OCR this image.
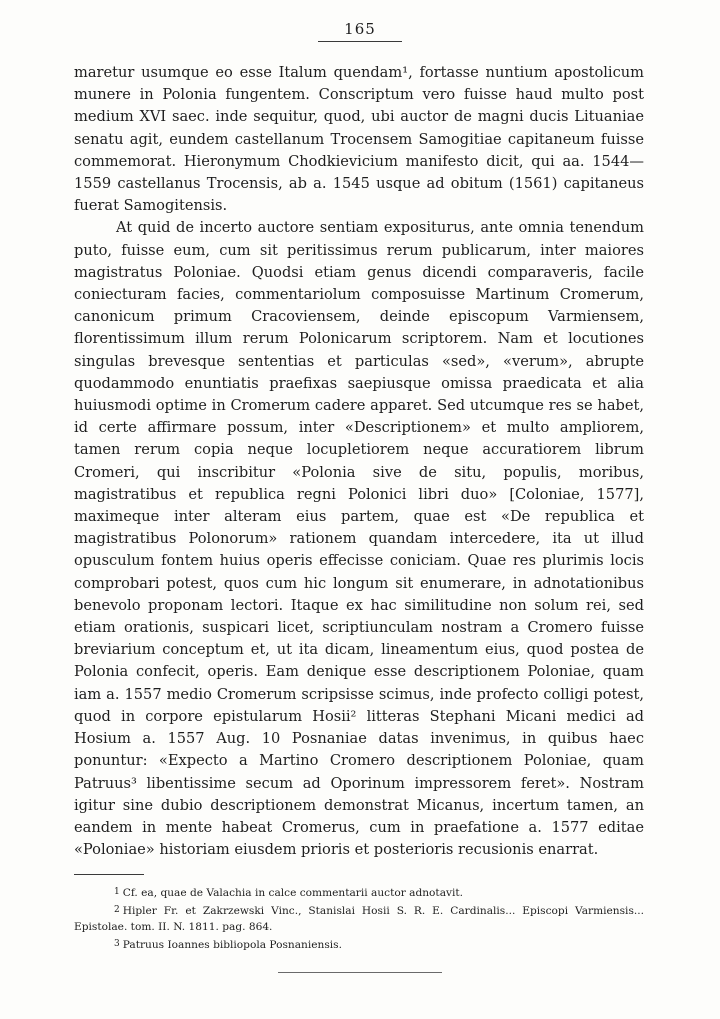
165

maretur usumque eo esse Italum quendam¹, fortasse nuntium apostolicum munere in Polonia fungentem. Conscriptum vero fuisse haud multo post medium XVI saec. inde sequitur, quod, ubi auctor de magni ducis Lituaniae senatu agit, eundem castellanum Trocensem Samogitiae capitaneum fuisse commemorat. Hieronymum Chodkievicium manifesto dicit, qui aa. 1544—1559 castellanus Trocensis, ab a. 1545 usque ad obitum (1561) capitaneus fuerat Samogitensis.

At quid de incerto auctore sentiam expositurus, ante omnia tenendum puto, fuisse eum, cum sit peritissimus rerum publicarum, inter maiores magistratus Poloniae. Quodsi etiam genus dicendi comparaveris, facile coniecturam facies, commentariolum composuisse Martinum Cromerum, canonicum primum Cracoviensem, deinde episcopum Varmiensem, florentissimum illum rerum Polonicarum scriptorem. Nam et locutiones singulas brevesque sententias et particulas «sed», «verum», abrupte quodammodo enuntiatis praefixas saepiusque omissa praedicata et alia huiusmodi optime in Cromerum cadere apparet. Sed utcumque res se habet, id certe affirmare possum, inter «Descriptionem» et multo ampliorem, tamen rerum copia neque locupletiorem neque accuratiorem librum Cromeri, qui inscribitur «Polonia sive de situ, populis, moribus, magistratibus et republica regni Polonici libri duo» [Coloniae, 1577], maximeque inter alteram eius partem, quae est «De republica et magistratibus Polonorum» rationem quandam intercedere, ita ut illud opusculum fontem huius operis effecisse coniciam. Quae res plurimis locis comprobari potest, quos cum hic longum sit enumerare, in adnotationibus benevolo proponam lectori. Itaque ex hac similitudine non solum rei, sed etiam orationis, suspicari licet, scriptiunculam nostram a Cromero fuisse breviarium conceptum et, ut ita dicam, lineamentum eius, quod postea de Polonia confecit, operis. Eam denique esse descriptionem Poloniae, quam iam a. 1557 medio Cromerum scripsisse scimus, inde profecto colligi potest, quod in corpore epistularum Hosii² litteras Stephani Micani medici ad Hosium a. 1557 Aug. 10 Posnaniae datas invenimus, in quibus haec ponuntur: «Expecto a Martino Cromero descriptionem Poloniae, quam Patruus³ libentissime secum ad Oporinum impressorem feret». Nostram igitur sine dubio descriptionem demonstrat Micanus, incertum tamen, an eandem in mente habeat Cromerus, cum in praefatione a. 1577 editae «Poloniae» historiam eiusdem prioris et posterioris recusionis enarrat.

1 Cf. ea, quae de Valachia in calce commentarii auctor adnotavit.

2 Hipler Fr. et Zakrzewski Vinc., Stanislai Hosii S. R. E. Cardinalis... Episcopi Varmiensis... Epistolae. tom. II. N. 1811. pag. 864.

3 Patruus Ioannes bibliopola Posnaniensis.
